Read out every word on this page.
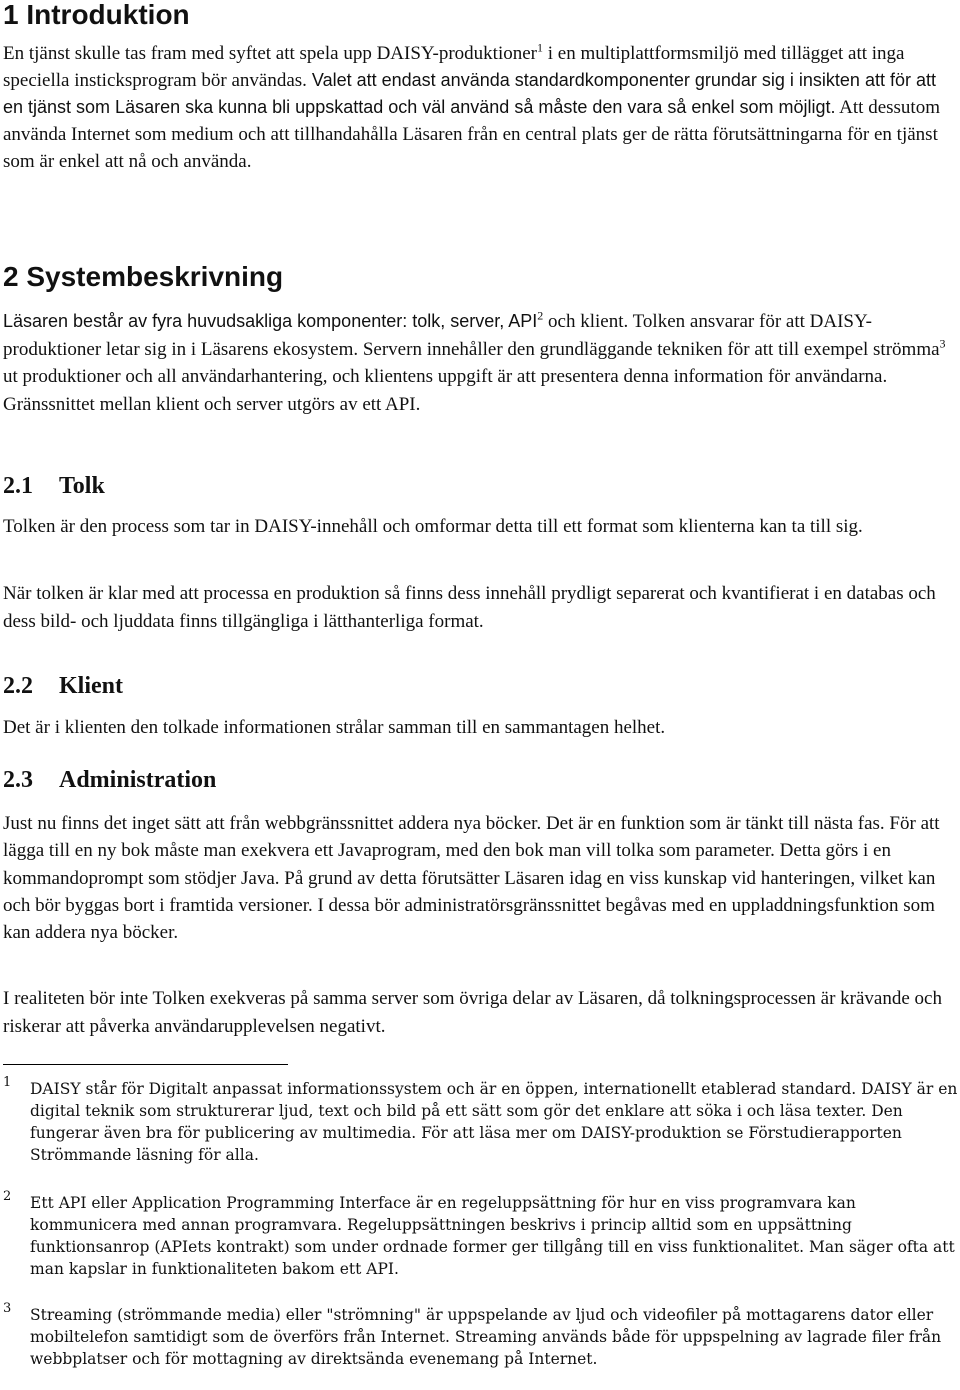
1 Introduktion

En tjänst skulle tas fram med syftet att spela upp DAISY-produktioner$^1$ i en multiplattformsmiljö med tillägget att inga speciella insticksprogram bör användas. Valet att endast använda standardkomponenter grundar sig i insikten att för att en tjänst som Läsaren ska kunna bli uppskattad och väl använd så måste den vara så enkel som möjligt. Att dessutom använda Internet som medium och att tillhandahålla Läsaren från en central plats ger de rätta förutsättningarna för en tjänst som är enkel att nå och använda.

2 Systembeskrivning

Läsaren består av fyra huvudsakliga komponenter: tolk, server, API$^2$ och klient. Tolken ansvarar för att DAISY-produktioner letar sig in i Läsarens ekosystem. Servern innehåller den grundläggande tekniken för att till exempel strömma$^3$ ut produktioner och all användarhantering, och klientens uppgift är att presentera denna information för användarna. Gränssnittet mellan klient och server utgörs av ett API.

2.1 Tolk

Tolken är den process som tar in DAISY-innehåll och omformar detta till ett format som klienterna kan ta till sig.

När tolken är klar med att processa en produktion så finns dess innehåll prydligt separerat och kvantifierat i en databas och dess bild- och ljuddata finns tillgängliga i lätthanterliga format.

2.2 Klient

Det är i klienten den tolkade informationen strålar samman till en sammantagen helhet.

2.3 Administration

Just nu finns det inget sätt att från webbgränssnittet addera nya böcker. Det är en funktion som är tänkt till nästa fas. För att lägga till en ny bok måste man exekvera ett Javaprogram, med den bok man vill tolka som parameter. Detta görs i en kommandoprompt som stödjer Java. På grund av detta förutsätter Läsaren idag en viss kunskap vid hanteringen, vilket kan och bör byggas bort i framtida versioner. I dessa bör administratörsgränssnittet begåvas med en uppladdningsfunktion som kan addera nya böcker.

I realiteten bör inte Tolken exekveras på samma server som övriga delar av Läsaren, då tolkningsprocessen är krävande och riskerar att påverka användarupplevelsen negativt.

1 DAISY står för Digitalt anpassat informationssystem och är en öppen, internationellt etablerad standard. DAISY är en digital teknik som strukturerar ljud, text och bild på ett sätt som gör det enklare att söka i och läsa texter. Den fungerar även bra för publicering av multimedia. För att läsa mer om DAISY-produktion se Förstudierapporten Strömmande läsning för alla.

2 Ett API eller Application Programming Interface är en regeluppsättning för hur en viss programvara kan kommunicera med annan programvara. Regeluppsättningen beskrivs i princip alltid som en uppsättning funktionsanrop (APIets kontrakt) som under ordnade former ger tillgång till en viss funktionalitet. Man säger ofta att man kapslar in funktionaliteten bakom ett API.

3 Streaming (strömmande media) eller "strömning" är uppspelande av ljud och videofiler på mottagarens dator eller mobiltelefon samtidigt som de överförs från Internet. Streaming används både för uppspelning av lagrade filer från webbplatser och för mottagning av direktsända evenemang på Internet.
